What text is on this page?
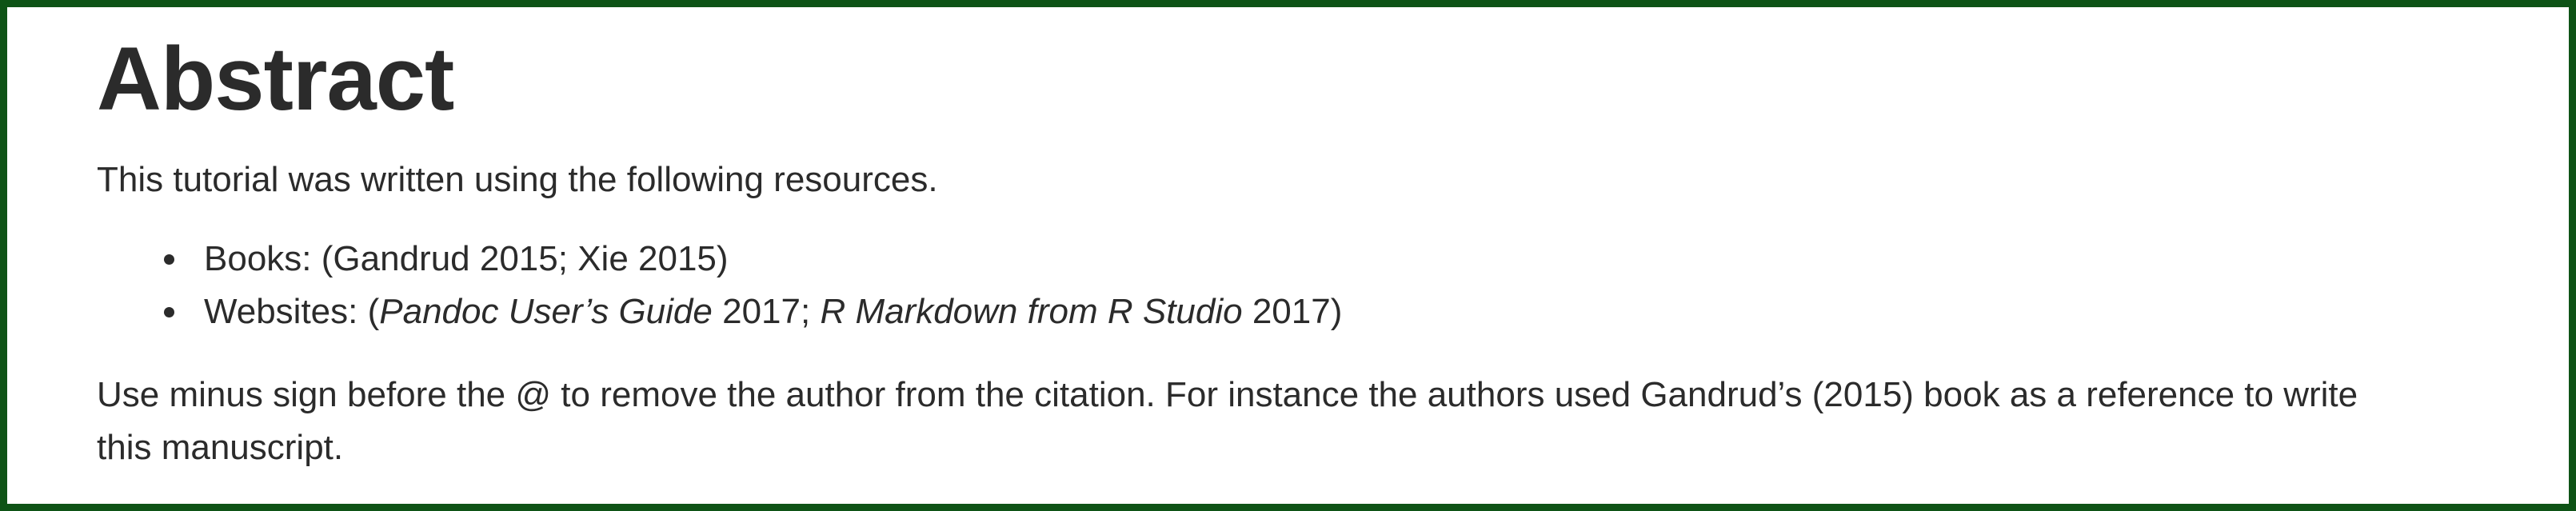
Abstract

This tutorial was written using the following resources.

Books: (Gandrud 2015; Xie 2015)
Websites: (Pandoc User’s Guide 2017; R Markdown from R Studio 2017)

Use minus sign before the @ to remove the author from the citation. For instance the authors used Gandrud’s (2015) book as a reference to write
this manuscript.
